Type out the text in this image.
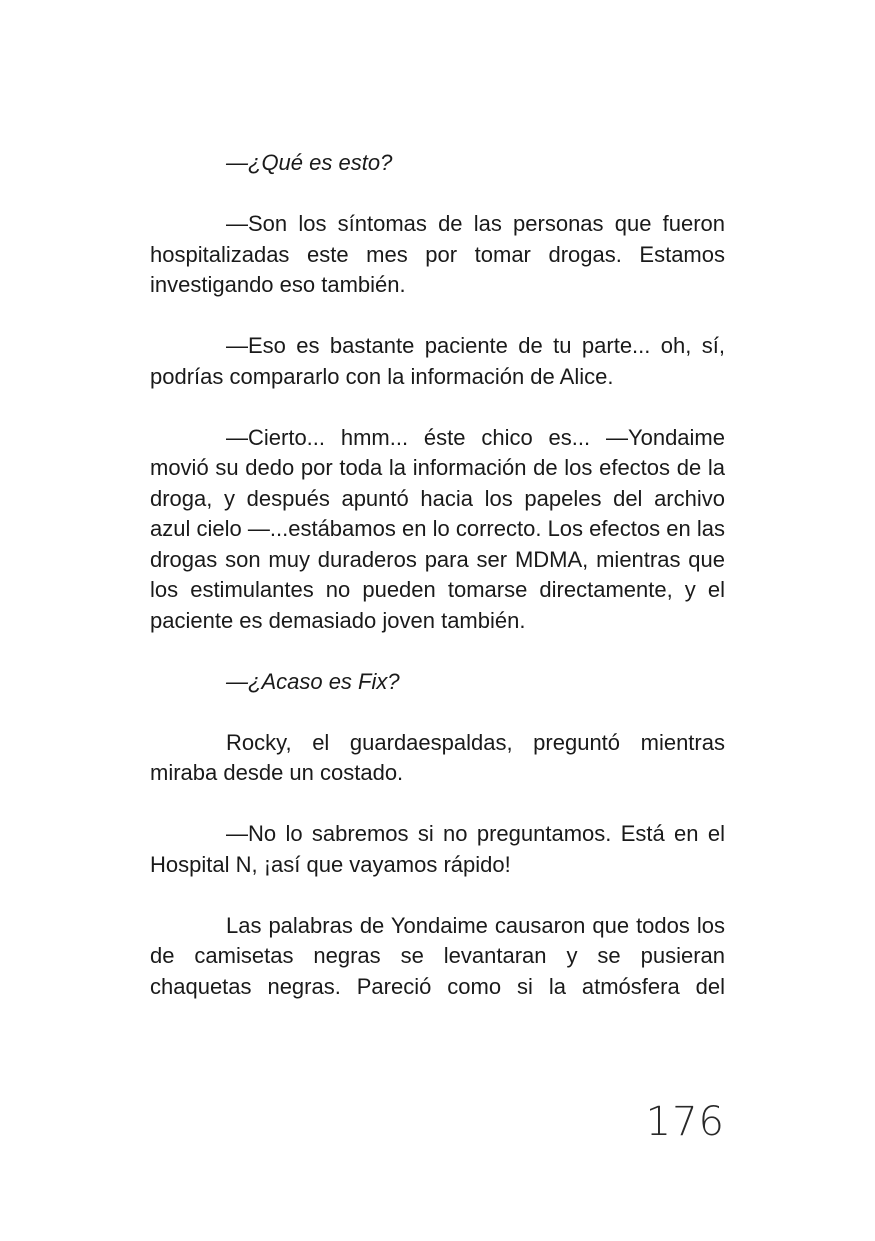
—¿Qué es esto?

—Son los síntomas de las personas que fueron hospitalizadas este mes por tomar drogas. Estamos investigando eso también.

—Eso es bastante paciente de tu parte... oh, sí, podrías compararlo con la información de Alice.

—Cierto... hmm... éste chico es... —Yondaime movió su dedo por toda la información de los efectos de la droga, y después apuntó hacia los papeles del archivo azul cielo —...estábamos en lo correcto. Los efectos en las drogas son muy duraderos para ser MDMA, mientras que los estimulantes no pueden tomarse directamente, y el paciente es demasiado joven también.

—¿Acaso es Fix?

Rocky, el guardaespaldas, preguntó mientras miraba desde un costado.

—No lo sabremos si no preguntamos. Está en el Hospital N, ¡así que vayamos rápido!

Las palabras de Yondaime causaron que todos los de camisetas negras se levantaran y se pusieran chaquetas negras. Pareció como si la atmósfera del

176
